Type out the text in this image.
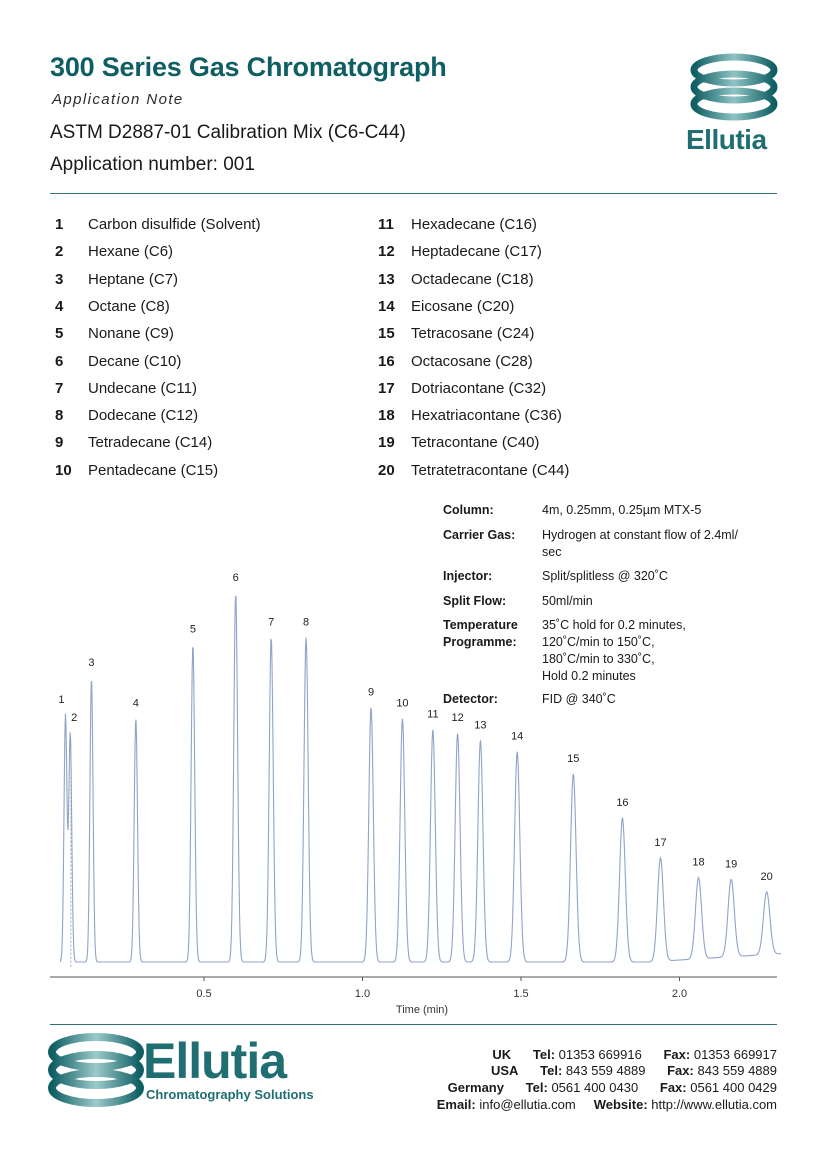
300 Series Gas Chromatograph
Application Note
ASTM D2887-01 Calibration Mix (C6-C44)
Application number: 001
Ellutia
1 Carbon disulfide (Solvent)
2 Hexane (C6)
3 Heptane (C7)
4 Octane (C8)
5 Nonane (C9)
6 Decane (C10)
7 Undecane (C11)
8 Dodecane (C12)
9 Tetradecane (C14)
10 Pentadecane (C15)
11 Hexadecane (C16)
12 Heptadecane (C17)
13 Octadecane (C18)
14 Eicosane (C20)
15 Tetracosane (C24)
16 Octacosane (C28)
17 Dotriacontane (C32)
18 Hexatriacontane (C36)
19 Tetracontane (C40)
20 Tetratetracontane (C44)
Column:	4m, 0.25mm, 0.25µm MTX-5
Carrier Gas: Hydrogen at constant flow of 2.4ml/
sec
Injector:	Split/splitless @ 320˚C
Split Flow:	50ml/min
Temperature
Programme:
35˚C hold for 0.2 minutes,
120˚C/min to 150˚C,
180˚C/min to 330˚C,
Hold 0.2 minutes
Detector:	FID @ 340˚C
0.5	1.0	1.5	2.0
Time (min)
1
2
3
4
5
6
7	8
9
10
11 12
13
14
15
16
17
18 19
20
Ellutia
Chromatography Solutions
UK Tel: 01353 669916 Fax: 01353 669917
USA Tel: 843 559 4889 Fax: 843 559 4889
Germany Tel: 0561 400 0430 Fax: 0561 400 0429
Email: info@ellutia.com Website: http://www.ellutia.com
